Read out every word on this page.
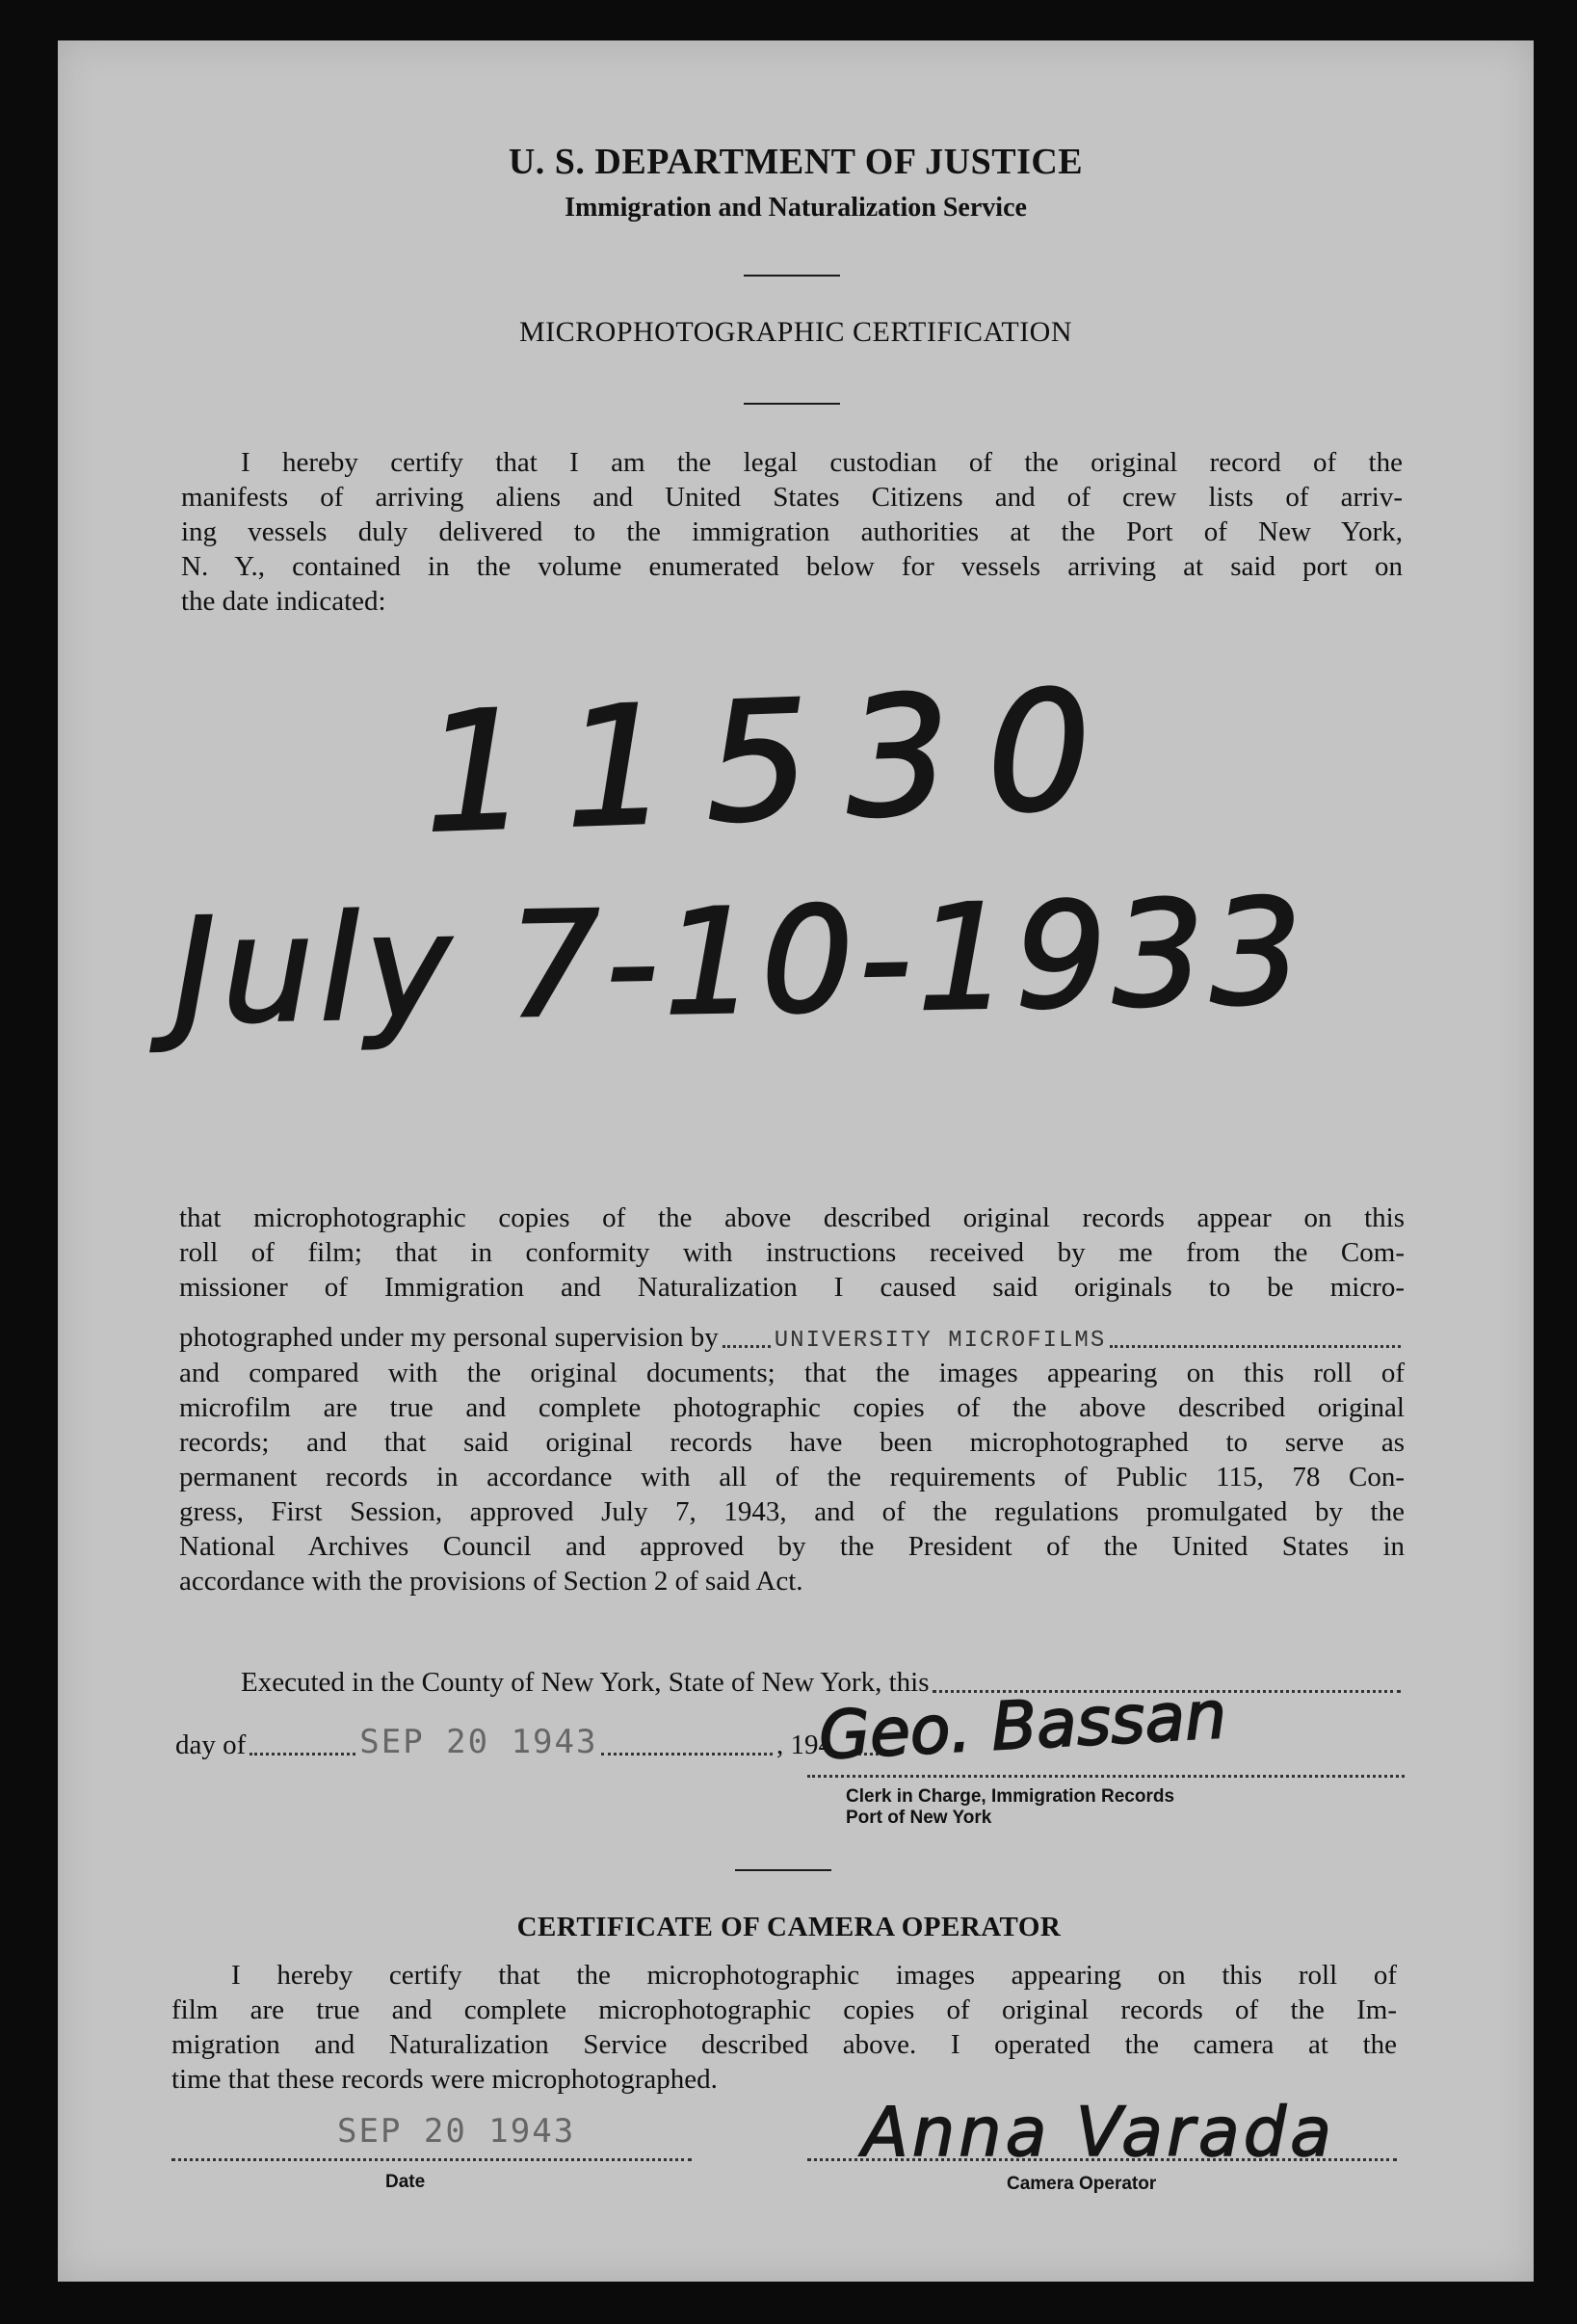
U. S. DEPARTMENT OF JUSTICE
Immigration and Naturalization Service
MICROPHOTOGRAPHIC CERTIFICATION
I hereby certify that I am the legal custodian of the original record of the
manifests of arriving aliens and United States Citizens and of crew lists of arriv-
ing vessels duly delivered to the immigration authorities at the Port of New York,
N. Y., contained in the volume enumerated below for vessels arriving at said port on
the date indicated:
11530
July 7-10-1933
that microphotographic copies of the above described original records appear on this
roll of film; that in conformity with instructions received by me from the Com-
missioner of Immigration and Naturalization I caused said originals to be micro-
photographed under my personal supervision by UNIVERSITY MICROFILMS
and compared with the original documents; that the images appearing on this roll of
microfilm are true and complete photographic copies of the above described original
records; and that said original records have been microphotographed to serve as
permanent records in accordance with all of the requirements of Public 115, 78 Con-
gress, First Session, approved July 7, 1943, and of the regulations promulgated by the
National Archives Council and approved by the President of the United States in
accordance with the provisions of Section 2 of said Act.
Executed in the County of New York, State of New York, this
day of	SEP 20 1943	, 194
Geo. Bassan
Clerk in Charge, Immigration Records
Port of New York
CERTIFICATE OF CAMERA OPERATOR
I hereby certify that the microphotographic images appearing on this roll of
film are true and complete microphotographic copies of original records of the Im-
migration and Naturalization Service described above. I operated the camera at the
time that these records were microphotographed.
SEP 20 1943
Date
Anna Varada
Camera Operator
